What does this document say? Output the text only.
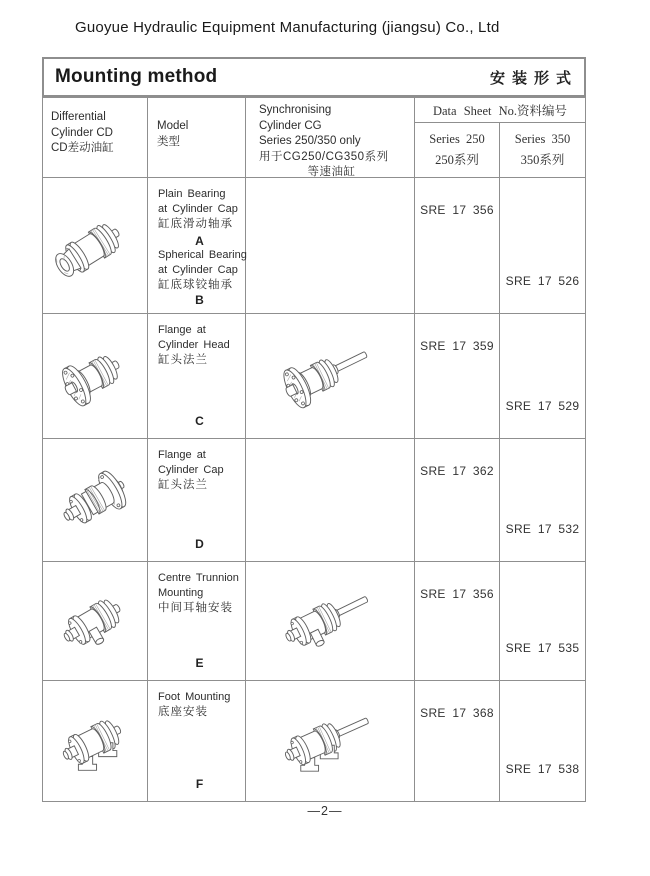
Guoyue Hydraulic Equipment Manufacturing (jiangsu) Co., Ltd
Mounting method	安装形式
Differential
Cylinder CD
CD差动油缸
Model
类型
Synchronising
Cylinder CG
Series 250/350 only
用于CG250/CG350系列
等速油缸
Data Sheet No.资料编号
Series 250
250系列
Series 350
350系列
Plain Bearing
at Cylinder Cap
缸底滑动轴承
A
Spherical Bearing
at Cylinder Cap
缸底球铰轴承
B
SRE 17 356
SRE 17 526
Flange at
Cylinder Head
缸头法兰
C
SRE 17 359
SRE 17 529
Flange at
Cylinder Cap
缸头法兰
D
SRE 17 362
SRE 17 532
Centre Trunnion
Mounting
中间耳轴安装
E
SRE 17 356
SRE 17 535
Foot Mounting
底座安装
F
SRE 17 368
SRE 17 538
—2—
